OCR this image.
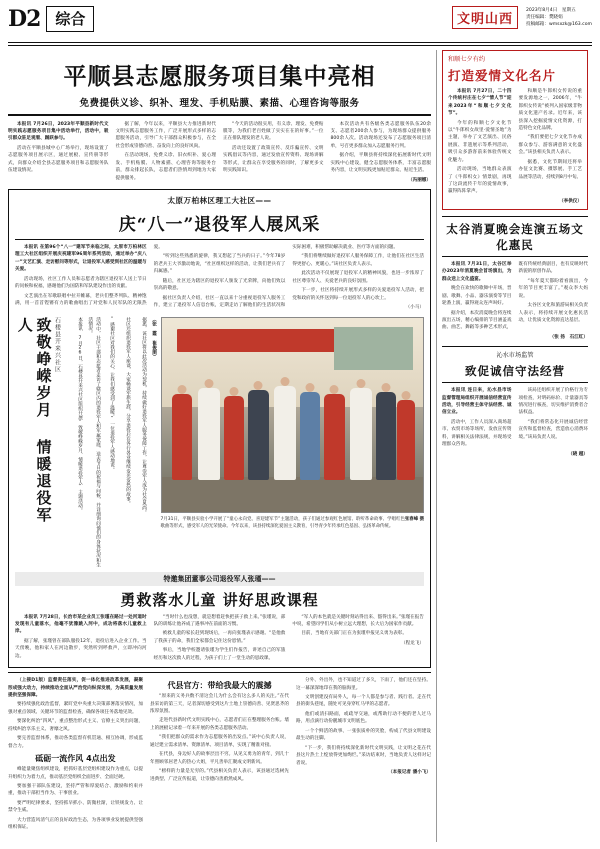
D2	综合	文明山西
2023年8月4日　星期五
责任编辑：樊晓娟
投稿邮箱：wmsxzk@163.com
平顺县志愿服务项目集中亮相
免费提供义诊、织补、理发、手机贴膜、素描、心理咨询等服务

本报讯 7月26日，2023年平顺县新时代文明实践志愿服务项目集中活动举行，活动中，吸引群众驻足观看、踊跃参与。

活动在平顺县城中心广场举行，现场设置了志愿服务项目展示区，通过展板、宣传册等形式，向群众介绍全县志愿服务项目和志愿服务队伍建设情况。

据了解，今年以来，平顺县大力推进新时代文明实践志愿服务工作，广泛开展形式多样的志愿服务活动，引导广大干部群众积极参与，在全社会形成崇德向善、奋发向上的良好风尚。

在活动现场，免费义诊、旧衣织补、爱心理发、手机贴膜、人物素描、心理咨询等服务台前，群众排起长队，志愿者们热情周到地为大家提供服务。

“今天的活动很实用，有义诊、理发、免费贴膜等，为我们老百姓做了实实在在的好事。”一位正在排队理发的老人说。

活动还设置了政策宣传、反诈骗宣传、文明实践倡议等内容，通过发放宣传资料、现场讲解等形式，让群众在享受服务的同时，了解更多文明实践知识。

本次活动共有各级各类志愿服务队伍20余支、志愿者200余人参与，为现场群众提供服务800余人次。活动现场还发布了志愿服务项目清单，号召更多群众加入志愿服务行列。

据介绍，平顺县将持续深化拓展新时代文明实践中心建设，健全志愿服务体系，丰富志愿服务内容，让文明实践更加贴近群众、贴近生活。

（冯丽娜）

太原万柏林区理工大社区——
庆“八一”退役军人展风采

本报讯 在第96个“八一”建军节来临之际，太原市万柏林区理工大社区组织开展庆祝建军96周年系列活动，通过举办“庆八一”文艺汇演、走访慰问等形式，让退役军人感受到社区的温暖与关爱。

活动现场，社区工作人员和志愿者为辖区退役军人送上节日的问候和祝福，感谢他们为国防和军队建设作出的贡献。

文艺演出在军歌联唱中拉开帷幕，老兵们整齐列队、精神饱满，用一首首铿锵有力的歌曲唱出了对党和人民军队的无限热爱。

“听到这些熟悉的旋律，我又想起了当兵的日子。”今年78岁的老兵王大爷激动地说，“社区组织这样的活动，让我们老兵有了归属感。”

随后，社区还为辖区的退役军人颁发了光荣牌，向他们致以崇高的敬意。

据社区负责人介绍，社区一直以来十分重视退役军人服务工作，建立了退役军人信息台账，定期走访了解他们的生活状况和实际困难，积极帮助解决就业、医疗等方面的问题。

“我们将继续做好退役军人服务保障工作，让他们在社区生活得更舒心、更暖心。”该社区负责人表示。

此次活动不仅展现了退役军人的精神风貌，也进一步浓厚了社区尊崇军人、关爱老兵的良好氛围。

下一步，社区将持续开展形式多样的关爱退役军人活动，把党和政府的关怀送到每一位退役军人的心坎上。

（小马）

致敬峥嵘岁月 情暖退役军人	石楼县开来兴社区	本报讯 7月26日，石楼县开来兴社区组织开展“致敬峥嵘岁月、情暖退役军人”主题活动。	活动中，社区干部和志愿者走访了辖区内的退役军人和军属家庭，送去节日的祝福与问候，并详细询问他们的身体状况和生活情况。	“感谢社区对我们的关心，让我们感受到了温暖。”一位退役军人感动地说。	社区还组织退役军人座谈，大家畅谈军旅生涯，分享退役后在各行各业继续发光发热的故事。	据悉，该社区将以此次活动为契机，持续做好退役军人服务保障工作，让尊崇军人成为社会风尚。	（张 霞　崔俊丽）
张春峰 摄
7月31日，平顺县实验小学开展了“童心永向党、喜迎建军节”主题活动，孩子们通过参观红色展馆、聆听革命故事、学唱红色歌曲等形式，感受军人的光荣使命。今年以来，该县持续深化爱国主义教育，引导青少年传承红色基因、弘扬革命传统。
特邀集团董事公司退役军人张瑾——
勇救落水儿童 讲好思政课程

本报讯 7月28日，长治市某企业员工张瑾在路过一处河道时发现有儿童落水，他毫不犹豫跳入河中，成功将落水儿童救上岸。

据了解，张瑾曾在部队服役12年，退役后进入企业工作。当天傍晚，他和家人在河边散步，突然听到呼救声，立即冲向河边。

“当时什么也没想，就是想着赶快把孩子救上来。”张瑾说，部队的训练让他养成了遇事冲在前面的习惯。

被救儿童的家长赶到现场后，一再向张瑾表示感谢。“是他救了我孩子的命，我们全家都会记住这份恩情。”

事后，当地学校邀请张瑾为学生们作报告，讲述自己的军旅经历和这次救人的过程，为孩子们上了一堂生动的思政课。

“军人的本色就是关键时刻站得出来、豁得出来。”张瑾在报告中说，希望同学们从小树立远大理想，长大后为国家作贡献。

目前，当地有关部门正在为张瑾申报见义勇为表彰。

（程龙飞）

（上接D1版）监督责任落实，促一体化推进改革发展，凝聚形成强大动力，持续推动全面从严治党向纵深发展，为高质量发展提供坚强保障。

要持续强化政治监督，紧盯党中央重大决策部署落实情况，加强对重点领域、关键环节的监督检查，确保各项任务落地见效。

要深化纠治“四风”，重点整治形式主义、官僚主义突出问题，持续纠治享乐主义、奢靡之风。

要完善监督体系，推动各类监督有机贯通、相互协调，形成监督合力。

砥砺一流作风 4点出发

峰能量聚焦组织建设，把抓好基层党组织建设作为重点，以提升组织力为着力点，推动基层党组织全面进步、全面过硬。

要加强干部队伍建设，坚持严管和厚爱结合、激励和约束并重，推动干部担当作为、干事创业。

要严明纪律要求，坚持抓早抓小、防微杜渐，让铁规发力、让禁令生威。

大力营造风清气正的良好政治生态，为各项事业发展提供坚强组织保证。

代县官方：带给我最大的震撼

“原来的义务兵数不清这会儿为什么会有这么多人的关注。”在代县采访的第三天，记者深切感受到这片土地上崇德向善、见贤思齐的浓厚氛围。

走进代县新时代文明实践中心，志愿者们正在整理服务台账。墙上的展板记录着一年来开展的各类志愿服务活动。

“我们把群众的需求作为志愿服务的出发点。”该中心负责人说，通过建立需求清单、资源清单、项目清单，实现了精准对接。

在代县，身边好人的故事层出不穷。从见义勇为的青年，到几十年照顾邻居老人的热心大姐，平凡善举汇聚成文明新风。

“榜样的力量是无穷的。”代县相关负责人表示，该县通过选树先进典型、广泛宣传报道，让崇德向善蔚然成风。

分外、外出外，也不知道过了多久，下雨了，他们还在坚持。这一幕深深地印在我的脑海里。

文明创建没有局外人，每一个人都是参与者、践行者。走在代县的街头巷尾，随处可见身穿红马甲的志愿者。

他们或清扫路面，或疏导交通，或帮助行动不便的老人过马路，用点滴行动扮靓城市文明底色。

一个个鲜活的故事、一张张质朴的笑脸，构成了代县文明建设最生动的注脚。

“下一步，我们将持续深化新时代文明实践，让文明之花在代县这片热土上绽放得更加绚烂。”采访结束时，当地负责人这样对记者说。

（本报记者 潘小飞）

和顺七夕有约
打造爱情文化名片

本报讯 7月27日，二十四个传统村庄在七夕“情人节”迎来2023年“和顺七夕文化节”。

今年的和顺七夕文化节以“牛郎织女故里·爱情圣地”为主题，举办了文艺演出、民俗展演、非遗展示等系列活动，吸引众多游客前来体验传统文化魅力。

活动现场，当地群众表演了《牛郎织女》情景剧，再现了这段流传千年的爱情故事，赢得阵阵掌声。

和顺是牛郎织女传说的重要发源地之一，2006年，“牛郎织女传说”被列入国家级非物质文化遗产名录。近年来，该县深入挖掘爱情文化资源，打造特色文化品牌。

“我们要把七夕文化节办成群众参与、游客满意的文化盛会。”该县相关负责人表示。

据悉，文化节期间还将举办征文比赛、摄影展、手工艺品展等活动，持续到8月中旬。

（李供仪）
太谷消夏晚会连演五场文化惠民

本报讯 7月31日，太谷区举办2023年消夏晚会首场演出，为群众送上文化盛宴。

晚会在欢快的歌舞中开场，晋剧、歌舞、小品、器乐演奏等节目轮番上演，赢得观众连声叫好。

据介绍，本次消夏晚会将连续演出五场，精心编排的节目涵盖戏曲、曲艺、舞蹈等多种艺术形式，既有传统经典剧目，也有反映时代新貌的原创作品。

“每年夏天都盼着看演出，今年的节目更丰富了。”观众李大妈说。

太谷区文化和旅游局相关负责人表示，将持续开展文化惠民活动，让优质文化资源直达基层。

（张 扬　石江红）
沁水市场监管
致促诚信守法经营

本报讯 连日来，沁水县市场监督管理局组织开展诚信经营宣传活动，引导经营主体守法经营、诚信立业。

活动中，工作人员深入商场超市、农贸市场等场所，发放宣传资料，讲解相关法律法规，并现场受理群众咨询。

该局还组织开展了价格行为专项检查，对明码标价、计量器具等情况进行核查，切实维护消费者合法权益。

“我们将常态化开展诚信经营宣传和监督检查，营造放心消费环境。”该局负责人说。

（晓 越）
